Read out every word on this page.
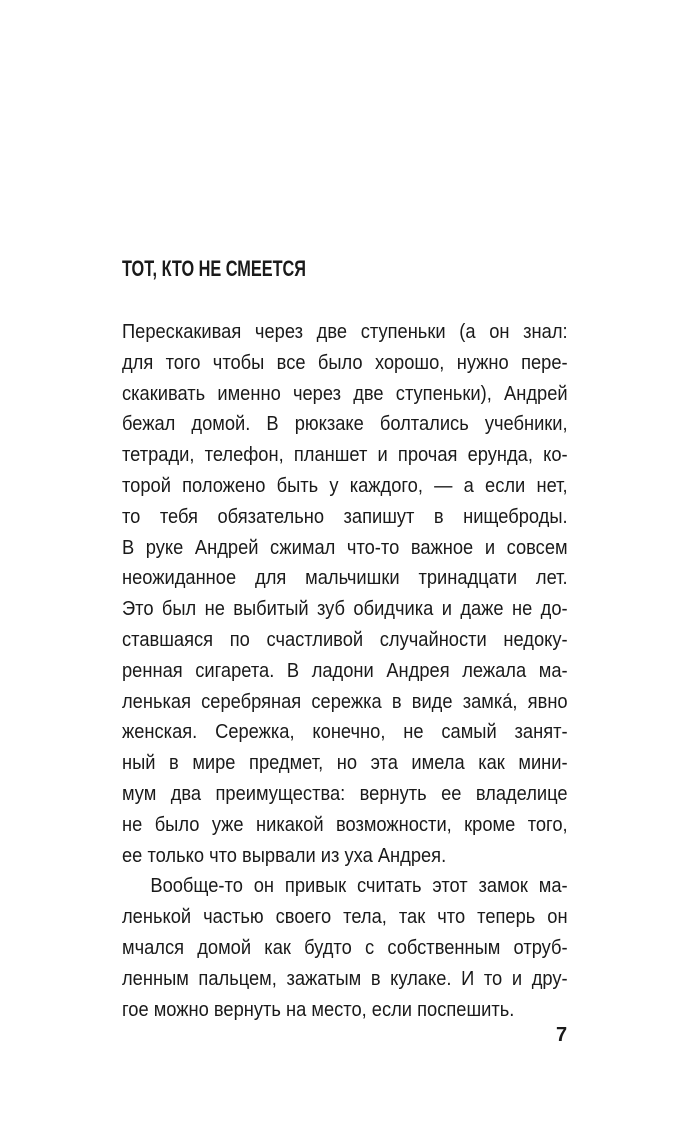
ТОТ, КТО НЕ СМЕЕТСЯ
Перескакивая через две ступеньки (а он знал:
для того чтобы все было хорошо, нужно пере-
скакивать именно через две ступеньки), Андрей
бежал домой. В рюкзаке болтались учебники,
тетради, телефон, планшет и прочая ерунда, ко-
торой положено быть у каждого, — а если нет,
то тебя обязательно запишут в нищеброды.
В руке Андрей сжимал что-то важное и совсем
неожиданное для мальчишки тринадцати лет.
Это был не выбитый зуб обидчика и даже не до-
ставшаяся по счастливой случайности недоку-
ренная сигарета. В ладони Андрея лежала ма-
ленькая серебряная сережка в виде замка́, явно
женская. Сережка, конечно, не самый занят-
ный в мире предмет, но эта имела как мини-
мум два преимущества: вернуть ее владелице
не было уже никакой возможности, кроме того,
ее только что вырвали из уха Андрея.
Вообще-то он привык считать этот замок ма-
ленькой частью своего тела, так что теперь он
мчался домой как будто с собственным отруб-
ленным пальцем, зажатым в кулаке. И то и дру-
гое можно вернуть на место, если поспешить.
7
